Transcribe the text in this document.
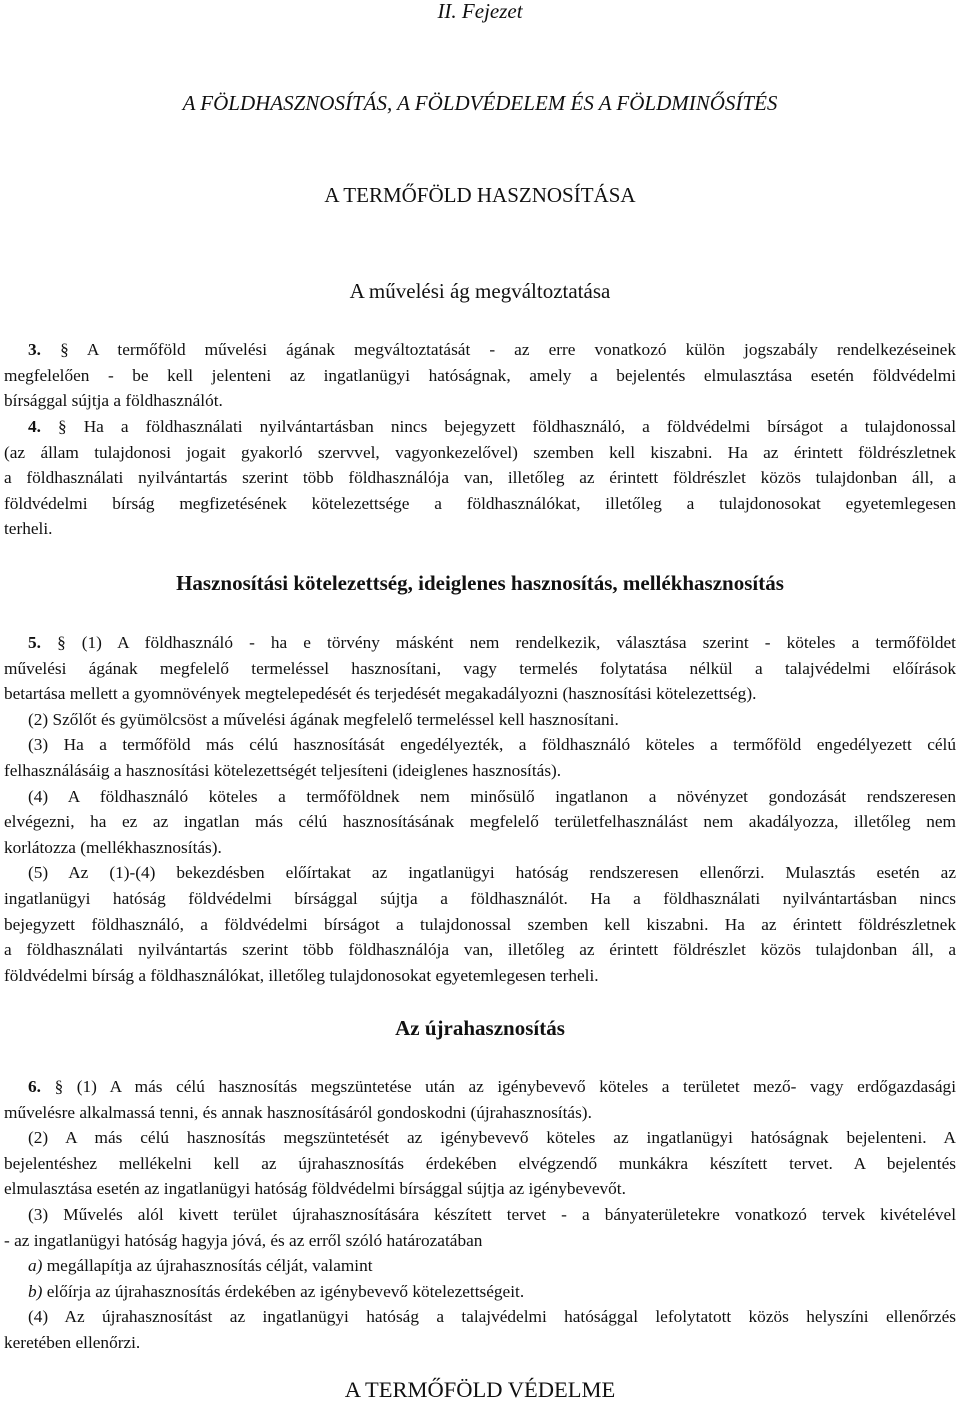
II. Fejezet
A FÖLDHASZNOSÍTÁS, A FÖLDVÉDELEM ÉS A FÖLDMINŐSÍTÉS
A TERMŐFÖLD HASZNOSÍTÁSA
A művelési ág megváltoztatása
3. § A termőföld művelési ágának megváltoztatását - az erre vonatkozó külön jogszabály rendelkezéseinek
megfelelően - be kell jelenteni az ingatlanügyi hatóságnak, amely a bejelentés elmulasztása esetén földvédelmi
bírsággal sújtja a földhasználót.
4. § Ha a földhasználati nyilvántartásban nincs bejegyzett földhasználó, a földvédelmi bírságot a tulajdonossal
(az állam tulajdonosi jogait gyakorló szervvel, vagyonkezelővel) szemben kell kiszabni. Ha az érintett földrészletnek
a földhasználati nyilvántartás szerint több földhasználója van, illetőleg az érintett földrészlet közös tulajdonban áll, a
földvédelmi bírság megfizetésének kötelezettsége a földhasználókat, illetőleg a tulajdonosokat egyetemlegesen
terheli.
Hasznosítási kötelezettség, ideiglenes hasznosítás, mellékhasznosítás
5. § (1) A földhasználó - ha e törvény másként nem rendelkezik, választása szerint - köteles a termőföldet
művelési ágának megfelelő termeléssel hasznosítani, vagy termelés folytatása nélkül a talajvédelmi előírások
betartása mellett a gyomnövények megtelepedését és terjedését megakadályozni (hasznosítási kötelezettség).
(2) Szőlőt és gyümölcsöst a művelési ágának megfelelő termeléssel kell hasznosítani.
(3) Ha a termőföld más célú hasznosítását engedélyezték, a földhasználó köteles a termőföld engedélyezett célú
felhasználásáig a hasznosítási kötelezettségét teljesíteni (ideiglenes hasznosítás).
(4) A földhasználó köteles a termőföldnek nem minősülő ingatlanon a növényzet gondozását rendszeresen
elvégezni, ha ez az ingatlan más célú hasznosításának megfelelő területfelhasználást nem akadályozza, illetőleg nem
korlátozza (mellékhasznosítás).
(5) Az (1)-(4) bekezdésben előírtakat az ingatlanügyi hatóság rendszeresen ellenőrzi. Mulasztás esetén az
ingatlanügyi hatóság földvédelmi bírsággal sújtja a földhasználót. Ha a földhasználati nyilvántartásban nincs
bejegyzett földhasználó, a földvédelmi bírságot a tulajdonossal szemben kell kiszabni. Ha az érintett földrészletnek
a földhasználati nyilvántartás szerint több földhasználója van, illetőleg az érintett földrészlet közös tulajdonban áll, a
földvédelmi bírság a földhasználókat, illetőleg tulajdonosokat egyetemlegesen terheli.
Az újrahasznosítás
6. § (1) A más célú hasznosítás megszüntetése után az igénybevevő köteles a területet mező- vagy erdőgazdasági
művelésre alkalmassá tenni, és annak hasznosításáról gondoskodni (újrahasznosítás).
(2) A más célú hasznosítás megszüntetését az igénybevevő köteles az ingatlanügyi hatóságnak bejelenteni. A
bejelentéshez mellékelni kell az újrahasznosítás érdekében elvégzendő munkákra készített tervet. A bejelentés
elmulasztása esetén az ingatlanügyi hatóság földvédelmi bírsággal sújtja az igénybevevőt.
(3) Művelés alól kivett terület újrahasznosítására készített tervet - a bányaterületekre vonatkozó tervek kivételével
- az ingatlanügyi hatóság hagyja jóvá, és az erről szóló határozatában
a) megállapítja az újrahasznosítás célját, valamint
b) előírja az újrahasznosítás érdekében az igénybevevő kötelezettségeit.
(4) Az újrahasznosítást az ingatlanügyi hatóság a talajvédelmi hatósággal lefolytatott közös helyszíni ellenőrzés
keretében ellenőrzi.
A TERMŐFÖLD VÉDELME
